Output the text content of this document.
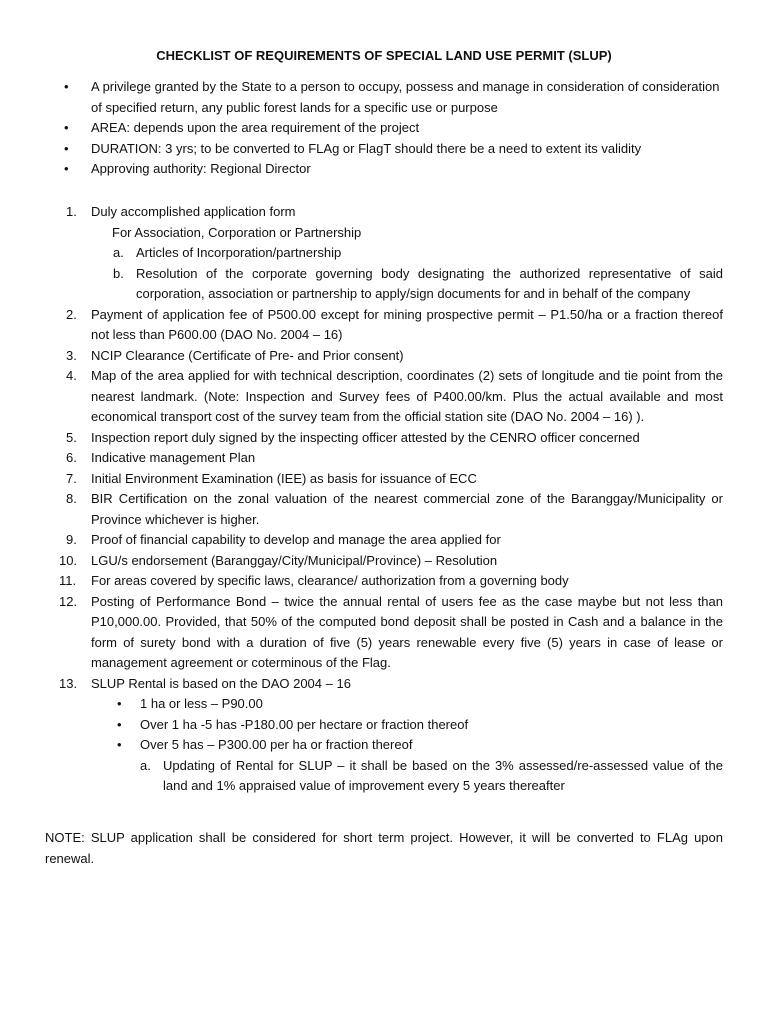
CHECKLIST OF REQUIREMENTS OF SPECIAL LAND USE PERMIT (SLUP)
• A privilege granted by the State to a person to occupy, possess and manage in consideration of consideration of specified return, any public forest lands for a specific use or purpose
• AREA: depends upon the area requirement of the project
• DURATION: 3 yrs; to be converted to FLAg or FlagT should there be a need to extent its validity
• Approving authority: Regional Director
1. Duly accomplished application form
For Association, Corporation or Partnership
a. Articles of Incorporation/partnership
b. Resolution of the corporate governing body designating the authorized representative of said corporation, association or partnership to apply/sign documents for and in behalf of the company
2. Payment of application fee of P500.00 except for mining prospective permit – P1.50/ha or a fraction thereof not less than P600.00 (DAO No. 2004 – 16)
3. NCIP Clearance (Certificate of Pre- and Prior consent)
4. Map of the area applied for with technical description, coordinates (2) sets of longitude and tie point from the nearest landmark. (Note: Inspection and Survey fees of P400.00/km. Plus the actual available and most economical transport cost of the survey team from the official station site (DAO No. 2004 – 16) ).
5. Inspection report duly signed by the inspecting officer attested by the CENRO officer concerned
6. Indicative management Plan
7. Initial Environment Examination (IEE) as basis for issuance of ECC
8. BIR Certification on the zonal valuation of the nearest commercial zone of the Baranggay/Municipality or Province whichever is higher.
9. Proof of financial capability to develop and manage the area applied for
10. LGU/s endorsement (Baranggay/City/Municipal/Province) – Resolution
11. For areas covered by specific laws, clearance/ authorization from a governing body
12. Posting of Performance Bond – twice the annual rental of users fee as the case maybe but not less than P10,000.00. Provided, that 50% of the computed bond deposit shall be posted in Cash and a balance in the form of surety bond with a duration of five (5) years renewable every five (5) years in case of lease or management agreement or coterminous of the Flag.
13. SLUP Rental is based on the DAO 2004 – 16
• 1 ha or less – P90.00
• Over 1 ha -5 has -P180.00 per hectare or fraction thereof
• Over 5 has – P300.00 per ha or fraction thereof
a. Updating of Rental for SLUP – it shall be based on the 3% assessed/re-assessed value of the land and 1% appraised value of improvement every 5 years thereafter
NOTE: SLUP application shall be considered for short term project. However, it will be converted to FLAg upon renewal.
